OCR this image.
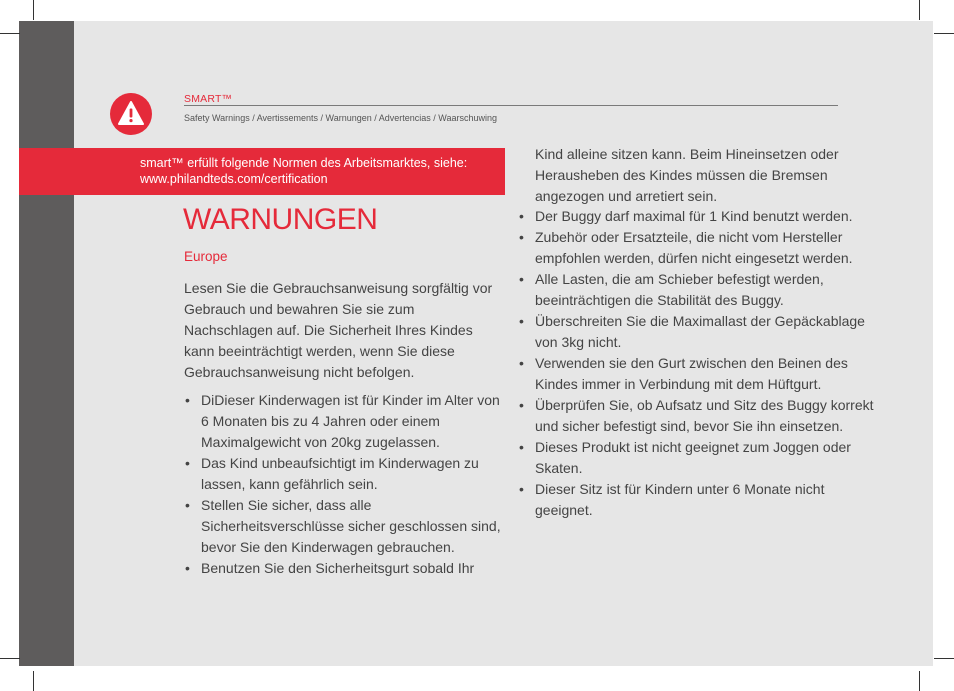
SMART™
Safety Warnings / Avertissements / Warnungen / Advertencias / Waarschuwing
smart™ erfüllt folgende Normen des Arbeitsmarktes, siehe:
www.philandteds.com/certification
WARNUNGEN
Europe
Lesen Sie die Gebrauchsanweisung sorgfältig vor Gebrauch und bewahren Sie sie zum Nachschlagen auf. Die Sicherheit Ihres Kindes kann beeinträchtigt werden, wenn Sie diese Gebrauchsanweisung nicht befolgen.
• DiDieser Kinderwagen ist für Kinder im Alter von 6 Monaten bis zu 4 Jahren oder einem Maximalgewicht von 20kg zugelassen.
• Das Kind unbeaufsichtigt im Kinderwagen zu lassen, kann gefährlich sein.
• Stellen Sie sicher, dass alle Sicherheitsverschlüsse sicher geschlossen sind, bevor Sie den Kinderwagen gebrauchen.
• Benutzen Sie den Sicherheitsgurt sobald Ihr
Kind alleine sitzen kann. Beim Hineinsetzen oder Herausheben des Kindes müssen die Bremsen angezogen und arretiert sein.
• Der Buggy darf maximal für 1 Kind benutzt werden.
• Zubehör oder Ersatzteile, die nicht vom Hersteller empfohlen werden, dürfen nicht eingesetzt werden.
• Alle Lasten, die am Schieber befestigt werden, beeinträchtigen die Stabilität des Buggy.
• Überschreiten Sie die Maximallast der Gepäckablage von 3kg nicht.
• Verwenden sie den Gurt zwischen den Beinen des Kindes immer in Verbindung mit dem Hüftgurt.
• Überprüfen Sie, ob Aufsatz und Sitz des Buggy korrekt und sicher befestigt sind, bevor Sie ihn einsetzen.
• Dieses Produkt ist nicht geeignet zum Joggen oder Skaten.
• Dieser Sitz ist für Kindern unter 6 Monate nicht geeignet.
